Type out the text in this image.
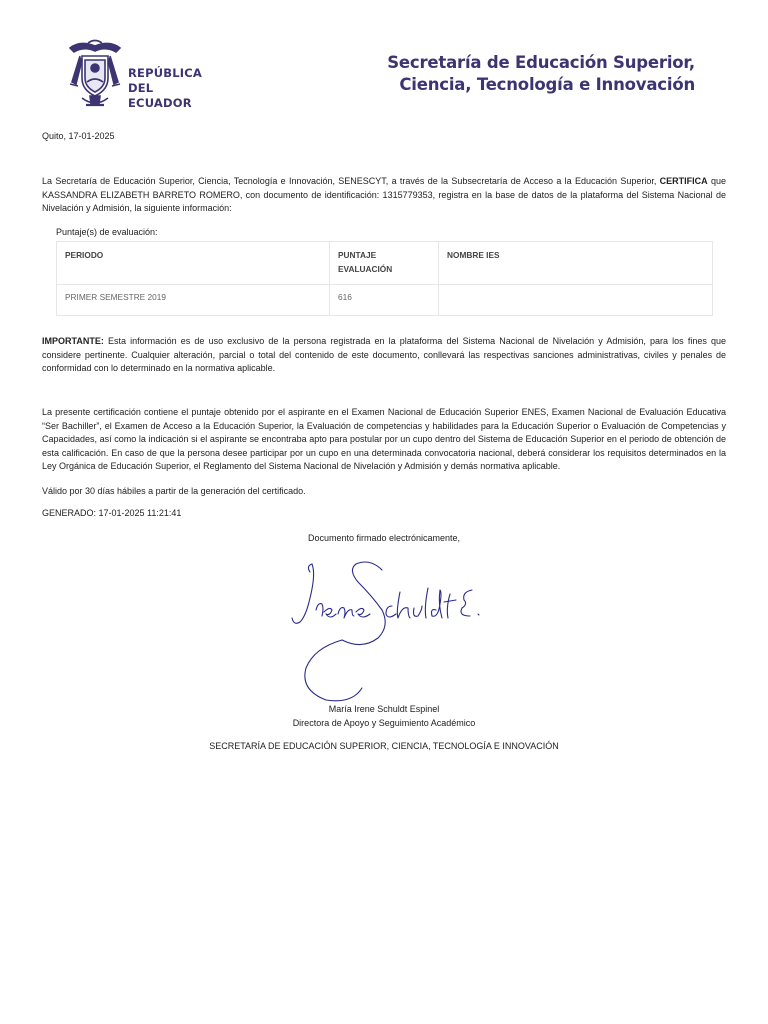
REPÚBLICA
DEL ECUADOR
Secretaría de Educación Superior,
Ciencia, Tecnología e Innovación
Quito, 17-01-2025
La Secretaría de Educación Superior, Ciencia, Tecnología e Innovación, SENESCYT, a través de la Subsecretaría de Acceso a la Educación Superior, CERTIFICA que KASSANDRA ELIZABETH BARRETO ROMERO, con documento de identificación: 1315779353, registra en la base de datos de la plataforma del Sistema Nacional de Nivelación y Admisión, la siguiente información:
Puntaje(s) de evaluación:
PERIODO	PUNTAJE EVALUACIÓN	NOMBRE IES
PRIMER SEMESTRE 2019	616	
IMPORTANTE: Esta información es de uso exclusivo de la persona registrada en la plataforma del Sistema Nacional de Nivelación y Admisión, para los fines que considere pertinente. Cualquier alteración, parcial o total del contenido de este documento, conllevará las respectivas sanciones administrativas, civiles y penales de conformidad con lo determinado en la normativa aplicable.
La presente certificación contiene el puntaje obtenido por el aspirante en el Examen Nacional de Educación Superior ENES, Examen Nacional de Evaluación Educativa “Ser Bachiller”, el Examen de Acceso a la Educación Superior, la Evaluación de competencias y habilidades para la Educación Superior o Evaluación de Competencias y Capacidades, así como la indicación si el aspirante se encontraba apto para postular por un cupo dentro del Sistema de Educación Superior en el periodo de obtención de esta calificación. En caso de que la persona desee participar por un cupo en una determinada convocatoria nacional, deberá considerar los requisitos determinados en la Ley Orgánica de Educación Superior, el Reglamento del Sistema Nacional de Nivelación y Admisión y demás normativa aplicable.
Válido por 30 días hábiles a partir de la generación del certificado.
GENERADO: 17-01-2025 11:21:41
Documento firmado electrónicamente,
María Irene Schuldt Espinel
Directora de Apoyo y Seguimiento Académico
SECRETARÍA DE EDUCACIÓN SUPERIOR, CIENCIA, TECNOLOGÍA E INNOVACIÓN
